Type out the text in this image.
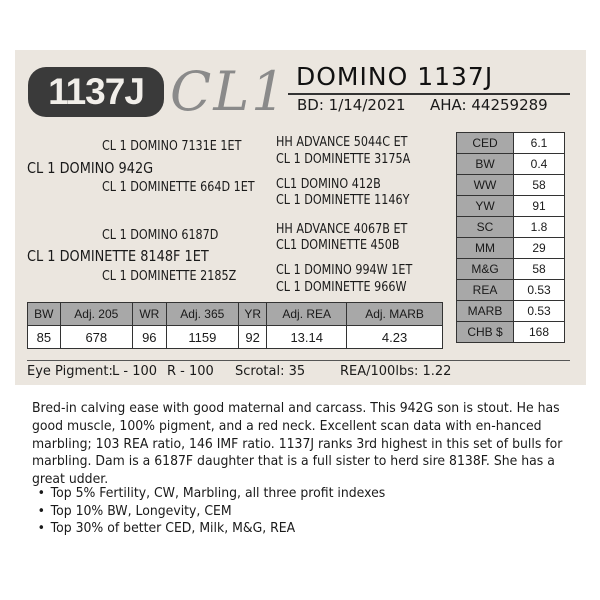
1137J CL1 DOMINO 1137J
BD: 1/14/2021 AHA: 44259289
CL 1 DOMINO 7131E 1ET
CL 1 DOMINO 942G
CL 1 DOMINETTE 664D 1ET
CL 1 DOMINO 6187D
CL 1 DOMINETTE 8148F 1ET
CL 1 DOMINETTE 2185Z
HH ADVANCE 5044C ET
CL 1 DOMINETTE 3175A
CL1 DOMINO 412B
CL 1 DOMINETTE 1146Y
HH ADVANCE 4067B ET
CL1 DOMINETTE 450B
CL 1 DOMINO 994W 1ET
CL 1 DOMINETTE 966W
CED	6.1
BW	0.4
WW	58
YW	91
SC	1.8
MM	29
M&G	58
REA	0.53
MARB	0.53
CHB $	168
BW	Adj. 205	WR	Adj. 365	YR	Adj. REA	Adj. MARB
85	678	96	1159	92	13.14	4.23
Eye Pigment: L - 100 R - 100 Scrotal: 35	REA/100lbs: 1.22

Bred-in calving ease with good maternal and carcass. This 942G son is stout. He has good muscle, 100% pigment, and a red neck. Excellent scan data with en-hanced marbling; 103 REA ratio, 146 IMF ratio. 1137J ranks 3rd highest in this set of bulls for marbling. Dam is a 6187F daughter that is a full sister to herd sire 8138F. She has a great udder.

• Top 5% Fertility, CW, Marbling, all three profit indexes
• Top 10% BW, Longevity, CEM
• Top 30% of better CED, Milk, M&G, REA
